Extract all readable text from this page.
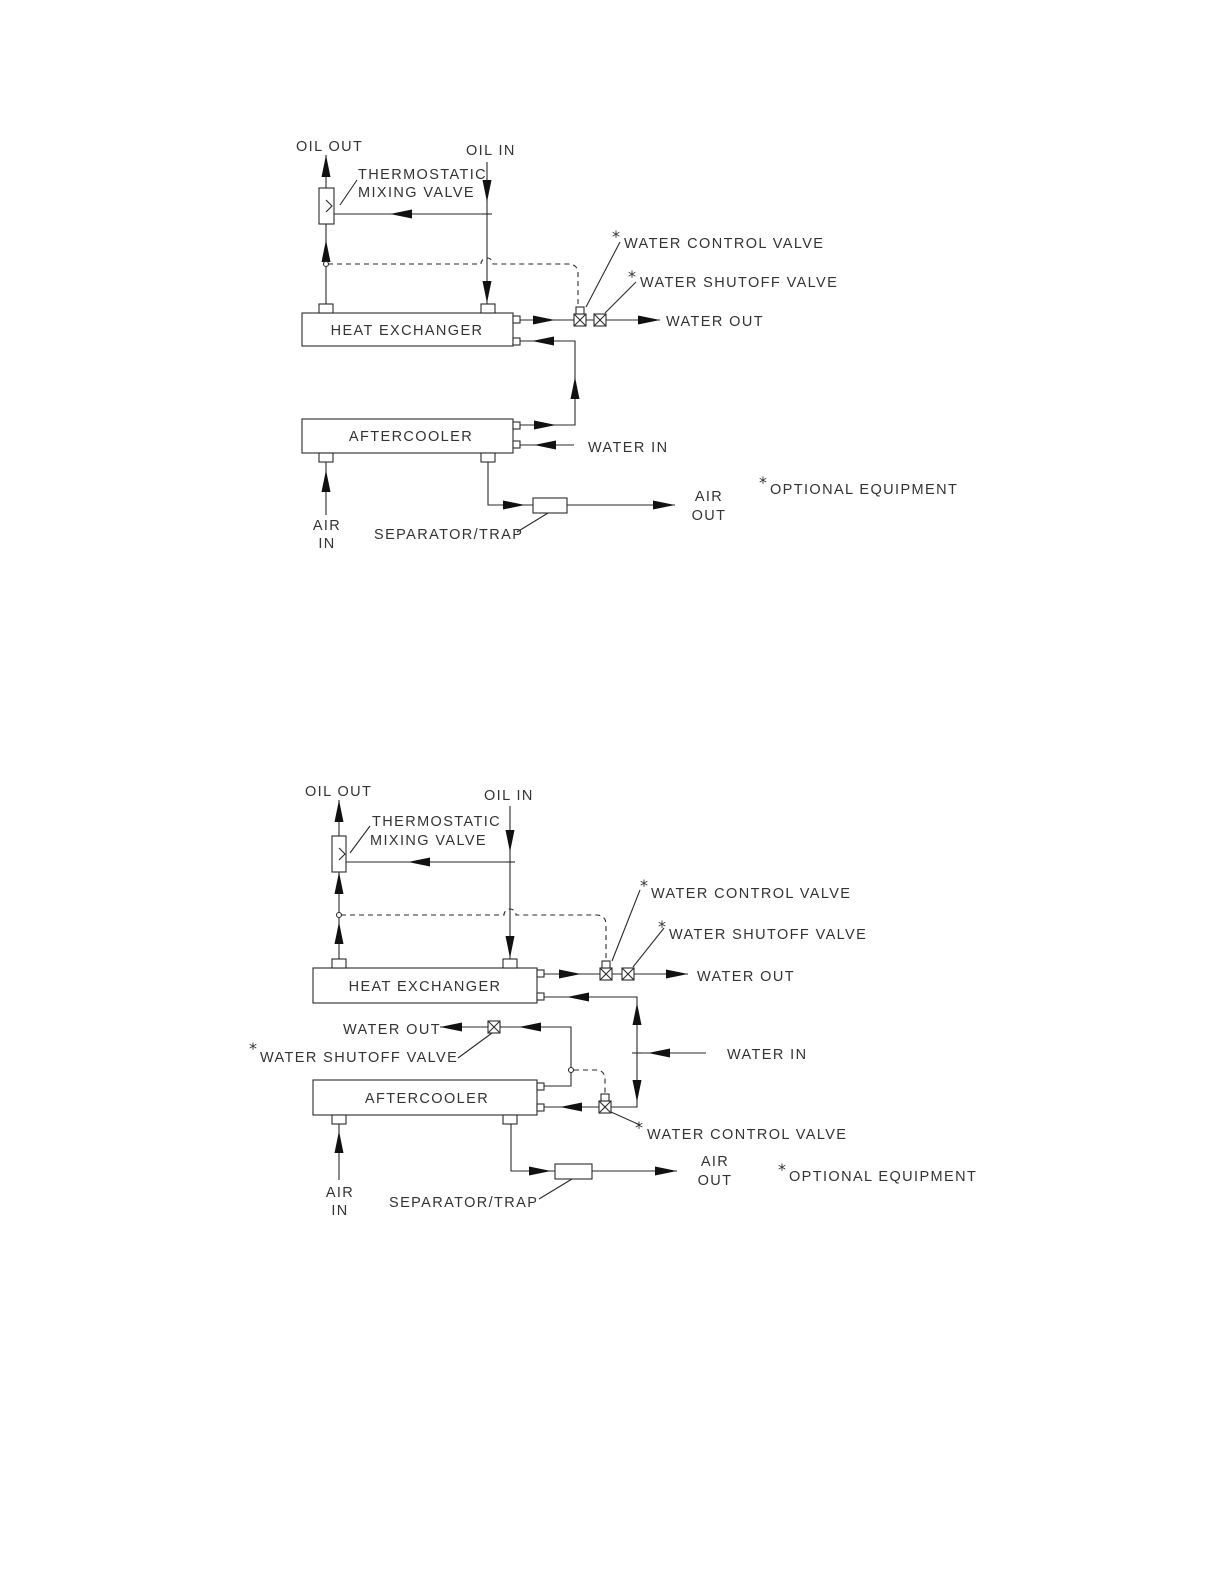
HEAT EXCHANGER
AFTERCOOLER
OIL OUT	OIL IN
THERMOSTATIC
MIXING VALVE
* WATER CONTROL VALVE
* WATER SHUTOFF VALVE
WATER OUT
WATER IN
AIR
OUT
* OPTIONAL EQUIPMENT
AIR
IN
SEPARATOR/TRAP
HEAT EXCHANGER
AFTERCOOLER
OIL OUT	OIL IN
THERMOSTATIC
MIXING VALVE
* WATER CONTROL VALVE
* WATER SHUTOFF VALVE
WATER OUT
WATER OUT
* WATER SHUTOFF VALVE	WATER IN
* WATER CONTROL VALVE
AIR
OUT
* OPTIONAL EQUIPMENT
AIR
IN	SEPARATOR/TRAP
